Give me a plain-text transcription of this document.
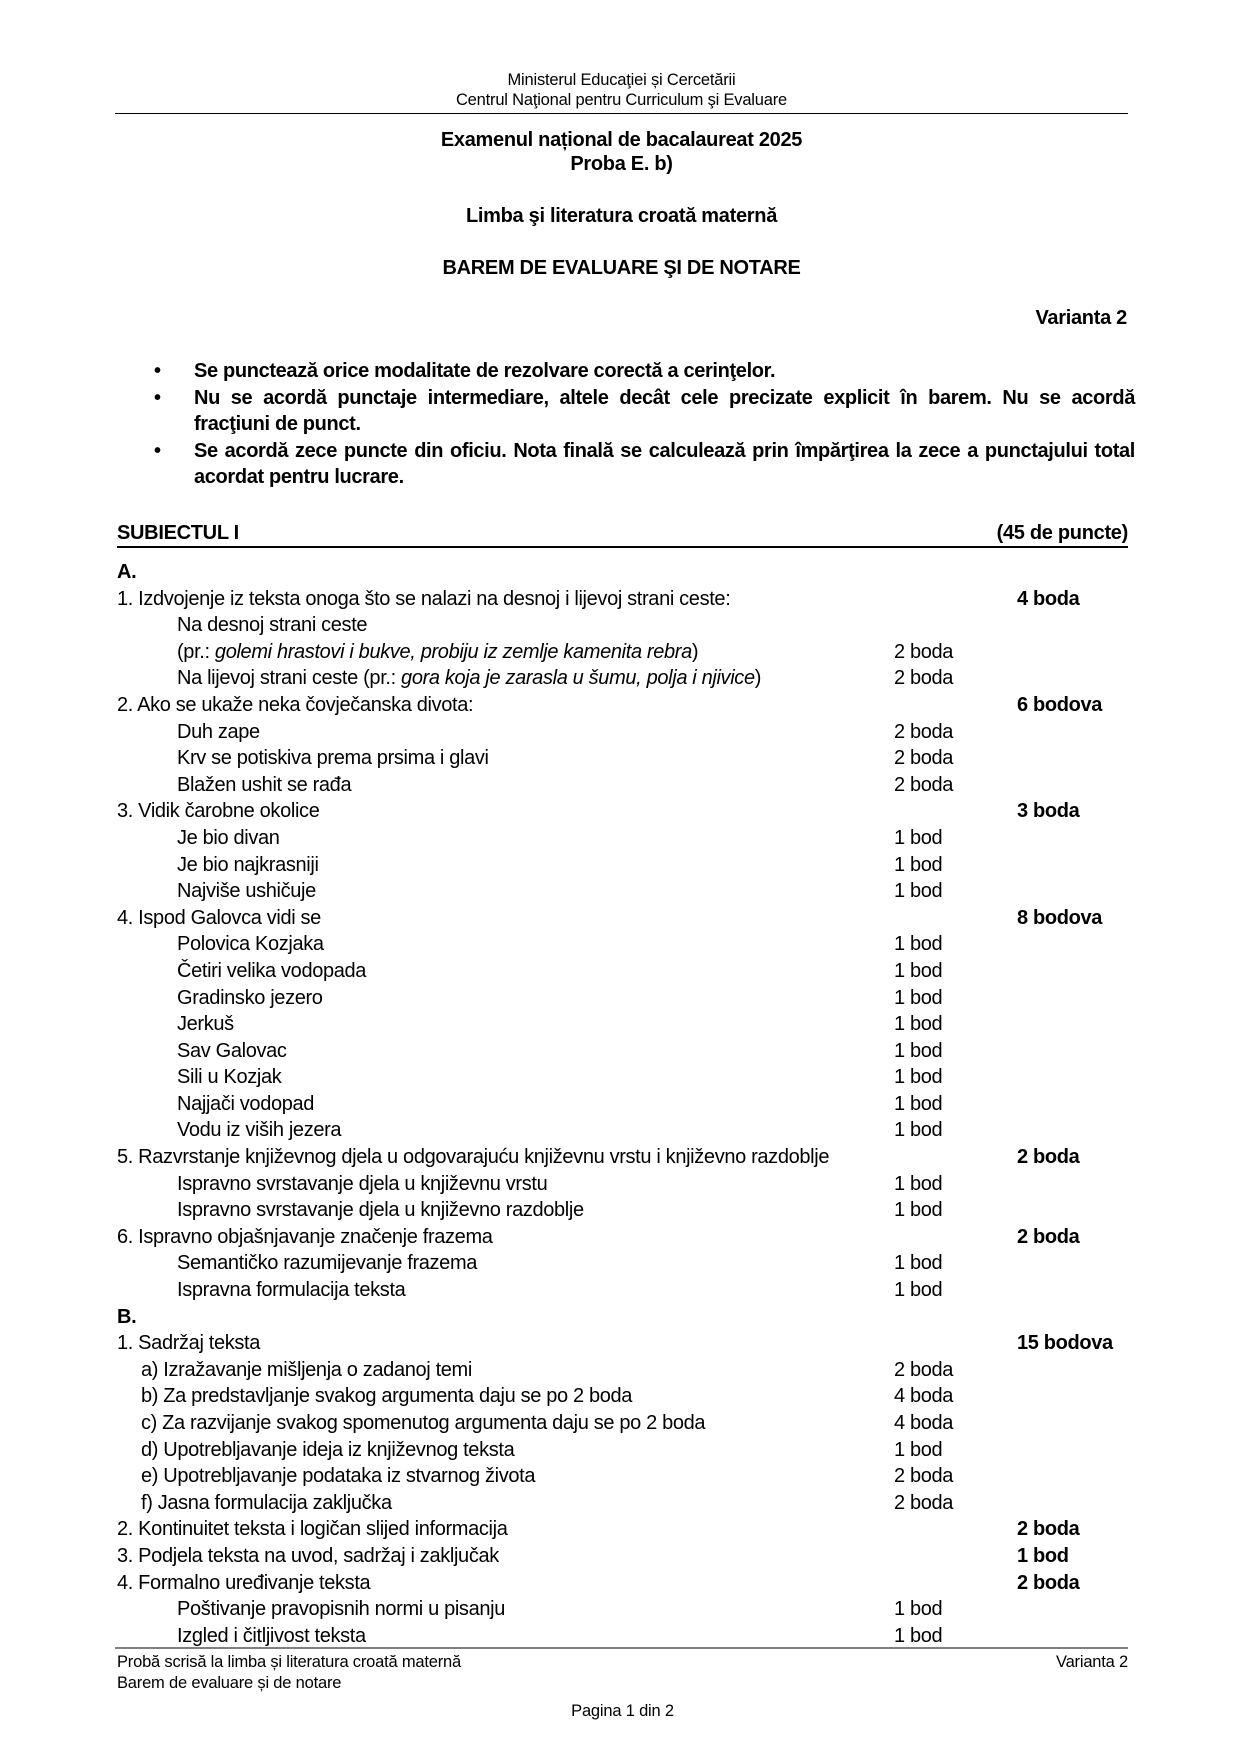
Ministerul Educaţiei și Cercetării
Centrul Naţional pentru Curriculum şi Evaluare
Examenul național de bacalaureat 2025
Proba E. b)
Limba şi literatura croată maternă
BAREM DE EVALUARE ŞI DE NOTARE
Varianta 2
• Se punctează orice modalitate de rezolvare corectă a cerinţelor.
• Nu se acordă punctaje intermediare, altele decât cele precizate explicit în barem. Nu se acordă fracţiuni de punct.
• Se acordă zece puncte din oficiu. Nota finală se calculează prin împărţirea la zece a punctajului total acordat pentru lucrare.
SUBIECTUL I	(45 de puncte)
A.
1. Izdvojenje iz teksta onoga što se nalazi na desnoj i lijevoj strani ceste:	4 boda
Na desnoj strani ceste
(pr.: golemi hrastovi i bukve, probiju iz zemlje kamenita rebra)	2 boda
Na lijevoj strani ceste (pr.: gora koja je zarasla u šumu, polja i njivice)	2 boda
2. Ako se ukaže neka čovječanska divota:	6 bodova
Duh zape	2 boda
Krv se potiskiva prema prsima i glavi	2 boda
Blažen ushit se rađa	2 boda
3. Vidik čarobne okolice	3 boda
Je bio divan	1 bod
Je bio najkrasniji	1 bod
Najviše ushičuje	1 bod
4. Ispod Galovca vidi se	8 bodova
Polovica Kozjaka	1 bod
Četiri velika vodopada	1 bod
Gradinsko jezero	1 bod
Jerkuš	1 bod
Sav Galovac	1 bod
Sili u Kozjak	1 bod
Najjači vodopad	1 bod
Vodu iz viših jezera	1 bod
5. Razvrstanje književnog djela u odgovarajuću književnu vrstu i književno razdoblje	2 boda
Ispravno svrstavanje djela u književnu vrstu	1 bod
Ispravno svrstavanje djela u književno razdoblje	1 bod
6. Ispravno objašnjavanje značenje frazema	2 boda
Semantičko razumijevanje frazema	1 bod
Ispravna formulacija teksta	1 bod
B.
1. Sadržaj teksta	15 bodova
a) Izražavanje mišljenja o zadanoj temi	2 boda
b) Za predstavljanje svakog argumenta daju se po 2 boda	4 boda
c) Za razvijanje svakog spomenutog argumenta daju se po 2 boda	4 boda
d) Upotrebljavanje ideja iz književnog teksta	1 bod
e) Upotrebljavanje podataka iz stvarnog života	2 boda
f) Jasna formulacija zaključka	2 boda
2. Kontinuitet teksta i logičan slijed informacija	2 boda
3. Podjela teksta na uvod, sadržaj i zaključak	1 bod
4. Formalno uređivanje teksta	2 boda
Poštivanje pravopisnih normi u pisanju	1 bod
Izgled i čitljivost teksta	1 bod
Probă scrisă la limba și literatura croată maternă
Barem de evaluare și de notare
Varianta 2
Pagina 1 din 2
